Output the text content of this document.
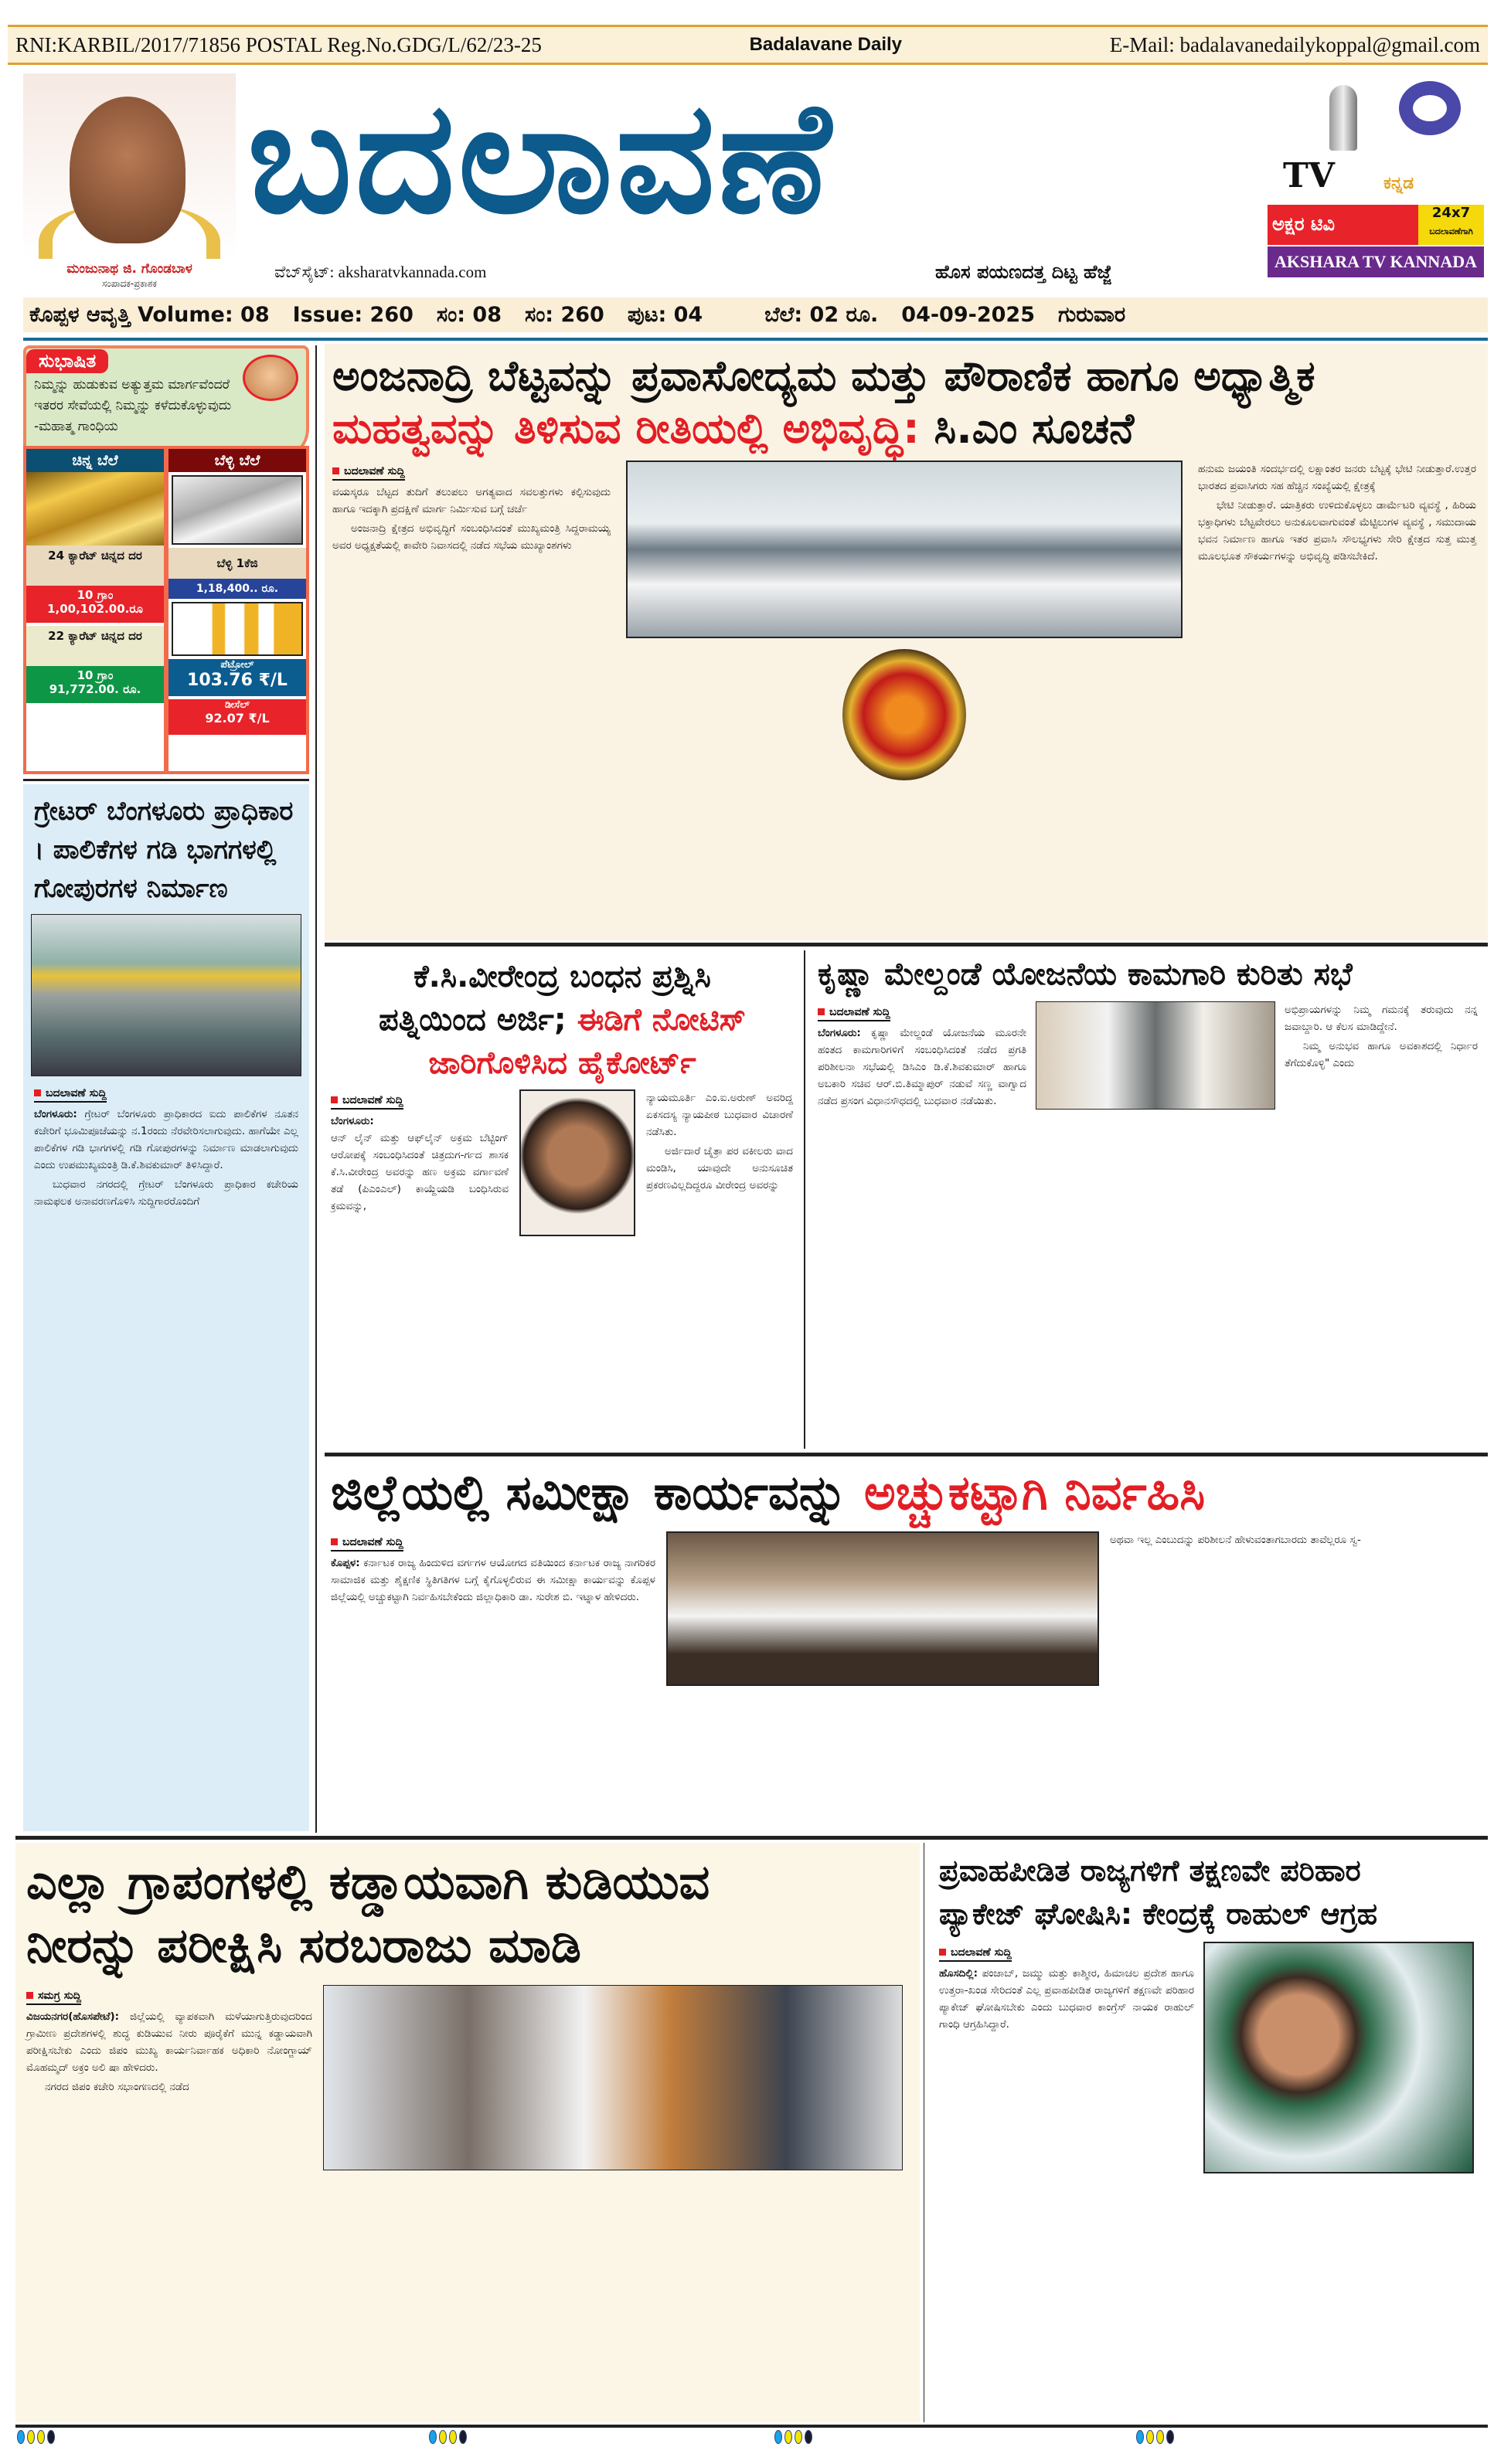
RNI:KARBIL/2017/71856 POSTAL Reg.No.GDG/L/62/23-25	Badalavane Daily	E-Mail: badalavanedailykoppal@gmail.com
ಮಂಜುನಾಥ ಜಿ. ಗೊಂಡಬಾಳ
ಸಂಪಾದಕ-ಪ್ರಕಾಶಕ
ಬದಲಾವಣೆ
ವೆಬ್‌ಸೈಟ್: aksharatvkannada.com	ಹೊಸ ಪಯಣದತ್ತ ದಿಟ್ಟ ಹೆಜ್ಜೆ
TV	ಕನ್ನಡ
ಅಕ್ಷರ ಟಿವಿ
24x7
ಬದಲಾವಣೆಗಾಗಿ
AKSHARA TV KANNADA
ಕೊಪ್ಪಳ ಆವೃತ್ತಿ Volume: 08 Issue: 260 ಸಂ: 08 ಸಂ: 260 ಪುಟ: 04	ಬೆಲೆ: 02 ರೂ. 04-09-2025 ಗುರುವಾರ
ಸುಭಾಷಿತ
ನಿಮ್ಮನ್ನು ಹುಡುಕುವ ಅತ್ಯುತ್ತಮ ಮಾರ್ಗವೆಂದರೆ ಇತರರ ಸೇವೆಯಲ್ಲಿ ನಿಮ್ಮನ್ನು ಕಳೆದುಕೊಳ್ಳುವುದು -ಮಹಾತ್ಮ ಗಾಂಧಿಯ
ಚಿನ್ನ ಬೆಲೆ
24 ಕ್ಯಾರೆಟ್ ಚಿನ್ನದ ದರ
10 ಗ್ರಾಂ
1,00,102.00.ರೂ
22 ಕ್ಯಾರೆಟ್ ಚಿನ್ನದ ದರ
10 ಗ್ರಾಂ
91,772.00. ರೂ.
ಬೆಳ್ಳಿ ಬೆಲೆ
ಬೆಳ್ಳಿ 1ಕೆಜಿ
1,18,400.. ರೂ.
ಪೆಟ್ರೋಲ್
103.76 ₹/L
ಡೀಸೆಲ್
92.07 ₹/L
ಗ್ರೇಟರ್ ಬೆಂಗಳೂರು ಪ್ರಾಧಿಕಾರ । ಪಾಲಿಕೆಗಳ ಗಡಿ ಭಾಗಗಳಲ್ಲಿ ಗೋಪುರಗಳ ನಿರ್ಮಾಣ
ಬದಲಾವಣೆ ಸುದ್ದಿ

ಬೆಂಗಳೂರು: ಗ್ರೇಟರ್ ಬೆಂಗಳೂರು ಪ್ರಾಧಿಕಾರದ ಐದು ಪಾಲಿಕೆಗಳ ನೂತನ ಕಚೇರಿಗೆ ಭೂಮಿಪೂಜೆಯನ್ನು ನ.1ರಂದು ನೆರವೇರಿಸಲಾಗುವುದು. ಹಾಗೆಯೇ ಎಲ್ಲ ಪಾಲಿಕೆಗಳ ಗಡಿ ಭಾಗಗಳಲ್ಲಿ ಗಡಿ ಗೋಪುರಗಳನ್ನು ನಿರ್ಮಾಣ ಮಾಡಲಾಗುವುದು ಎಂದು ಉಪಮುಖ್ಯಮಂತ್ರಿ ಡಿ.ಕೆ.ಶಿವಕುಮಾರ್ ತಿಳಿಸಿದ್ದಾರೆ.

ಬುಧವಾರ ನಗರದಲ್ಲಿ ಗ್ರೇಟರ್ ಬೆಂಗಳೂರು ಪ್ರಾಧಿಕಾರ ಕಚೇರಿಯ ನಾಮಫಲಕ ಅನಾವರಣಗೊಳಿಸಿ ಸುದ್ದಿಗಾರರೊಂದಿಗೆ

ಅಂಜನಾದ್ರಿ ಬೆಟ್ಟವನ್ನು ಪ್ರವಾಸೋದ್ಯಮ ಮತ್ತು ಪೌರಾಣಿಕ ಹಾಗೂ ಅಧ್ಯಾತ್ಮಿಕ
ಮಹತ್ವವನ್ನು ತಿಳಿಸುವ ರೀತಿಯಲ್ಲಿ ಅಭಿವೃದ್ಧಿ: ಸಿ.ಎಂ ಸೂಚನೆ
ಬದಲಾವಣೆ ಸುದ್ದಿ

ವಯಸ್ಕರೂ ಬೆಟ್ಟದ ತುದಿಗೆ ತಲುಪಲು ಅಗತ್ಯವಾದ ಸವಲತ್ತುಗಳು ಕಲ್ಪಿಸುವುದು ಹಾಗೂ ಇದಕ್ಕಾಗಿ ಪ್ರದಕ್ಷಿಣೆ ಮಾರ್ಗ ನಿರ್ಮಿಸುವ ಬಗ್ಗೆ ಚರ್ಚೆ

ಅಂಜನಾದ್ರಿ ಕ್ಷೇತ್ರದ ಅಭಿವೃದ್ಧಿಗೆ ಸಂಬಂಧಿಸಿದಂತೆ ಮುಖ್ಯಮಂತ್ರಿ ಸಿದ್ದರಾಮಯ್ಯ ಅವರ ಅಧ್ಯಕ್ಷತೆಯಲ್ಲಿ ಕಾವೇರಿ ನಿವಾಸದಲ್ಲಿ ನಡೆದ ಸಭೆಯ ಮುಖ್ಯಾಂಶಗಳು

ಹನುಮ ಜಯಂತಿ ಸಂದರ್ಭದಲ್ಲಿ ಲಕ್ಷಾಂತರ ಜನರು ಬೆಟ್ಟಕ್ಕೆ ಭೇಟಿ ನೀಡುತ್ತಾರೆ.ಉತ್ತರ ಭಾರತದ ಪ್ರವಾಸಿಗರು ಸಹ ಹೆಚ್ಚಿನ ಸಂಖ್ಯೆಯಲ್ಲಿ ಕ್ಷೇತ್ರಕ್ಕೆ

ಭೇಟಿ ನೀಡುತ್ತಾರೆ. ಯಾತ್ರಿಕರು ಉಳಿದುಕೊಳ್ಳಲು ಡಾರ್ಮೆಟರಿ ವ್ಯವಸ್ಥೆ , ಹಿರಿಯ ಭಕ್ತಾಧಿಗಳು ಬೆಟ್ಟವೇರಲು ಅನುಕೂಲವಾಗುವಂತೆ ಮೆಟ್ಟಿಲುಗಳ ವ್ಯವಸ್ಥೆ , ಸಮುದಾಯ ಭವನ ನಿರ್ಮಾಣ ಹಾಗೂ ಇತರ ಪ್ರವಾಸಿ ಸೌಲಭ್ಯಗಳು ಸೇರಿ ಕ್ಷೇತ್ರದ ಸುತ್ತ ಮುತ್ತ ಮೂಲಭೂತ ಸೌಕರ್ಯಗಳನ್ನು ಅಭಿವೃದ್ಧಿ ಪಡಿಸಬೇಕಿದೆ.

ಕೆ.ಸಿ.ವೀರೇಂದ್ರ ಬಂಧನ ಪ್ರಶ್ನಿಸಿ
ಪತ್ನಿಯಿಂದ ಅರ್ಜಿ; ಈಡಿಗೆ ನೋಟಿಸ್ ಜಾರಿಗೊಳಿಸಿದ ಹೈಕೋರ್ಟ್
ಬದಲಾವಣೆ ಸುದ್ದಿ

ಬೆಂಗಳೂರು:
ಆನ್ ಲೈನ್ ಮತ್ತು ಆಫ್‌ಲೈನ್ ಅಕ್ರಮ ಬೆಟ್ಟಿಂಗ್ ಆರೋಪಕ್ಕೆ ಸಂಬಂಧಿಸಿದಂತೆ ಚಿತ್ರದುಗ-ರ್ಗದ ಶಾಸಕ ಕೆ.ಸಿ.ವೀರೇಂದ್ರ ಅವರನ್ನು ಹಣ ಅಕ್ರಮ ವರ್ಗಾವಣೆ ತಡೆ (ಪಿಎಂಎಲ್) ಕಾಯ್ದೆಯಡಿ ಬಂಧಿಸಿರುವ ಕ್ರಮವನ್ನು,

ನ್ಯಾಯಮೂರ್ತಿ ಎಂ.ಐ.ಅರುಣ್ ಅವರಿದ್ದ ಏಕಸದಸ್ಯ ನ್ಯಾಯಪೀಠ ಬುಧವಾರ ವಿಚಾರಣೆ ನಡೆಸಿತು.

ಅರ್ಜಿದಾರೆ ಚೈತ್ರಾ ಪರ ವಕೀಲರು ವಾದ ಮಂಡಿಸಿ, ಯಾವುದೇ ಅನುಸೂಚಿತ ಪ್ರಕರಣವಿಲ್ಲದಿದ್ದರೂ ವೀರೇಂದ್ರ ಅವರನ್ನು

ಕೃಷ್ಣಾ ಮೇಲ್ದಂಡೆ ಯೋಜನೆಯ ಕಾಮಗಾರಿ ಕುರಿತು ಸಭೆ
ಬದಲಾವಣೆ ಸುದ್ದಿ

ಬೆಂಗಳೂರು: ಕೃಷ್ಣಾ ಮೇಲ್ದಂಡೆ ಯೋಜನೆಯ ಮೂರನೇ ಹಂತದ ಕಾಮಗಾರಿಗಳಿಗೆ ಸಂಬಂಧಿಸಿದಂತೆ ನಡೆದ ಪ್ರಗತಿ ಪರಿಶೀಲನಾ ಸಭೆಯಲ್ಲಿ ಡಿಸಿಎಂ ಡಿ.ಕೆ.ಶಿವಕುಮಾರ್ ಹಾಗೂ ಅಬಕಾರಿ ಸಚಿವ ಆರ್.ಬಿ.ತಿಮ್ಮಾಪುರ್ ನಡುವೆ ಸಣ್ಣ ವಾಗ್ವಾದ ನಡೆದ ಪ್ರಸಂಗ ವಿಧಾನಸೌಧದಲ್ಲಿ ಬುಧವಾರ ನಡೆಯಿತು.

ಅಭಿಪ್ರಾಯಗಳನ್ನು ನಿಮ್ಮ ಗಮನಕ್ಕೆ ತರುವುದು ನನ್ನ ಜವಾಬ್ದಾರಿ. ಆ ಕೆಲಸ ಮಾಡಿದ್ದೇನೆ.

ನಿಮ್ಮ ಅನುಭವ ಹಾಗೂ ಅವಕಾಶದಲ್ಲಿ ನಿರ್ಧಾರ ತೆಗೆದುಕೊಳ್ಳಿ" ಎಂದು

ಜಿಲ್ಲೆಯಲ್ಲಿ ಸಮೀಕ್ಷಾ ಕಾರ್ಯವನ್ನು ಅಚ್ಚುಕಟ್ಟಾಗಿ ನಿರ್ವಹಿಸಿ
ಬದಲಾವಣೆ ಸುದ್ದಿ

ಕೊಪ್ಪಳ: ಕರ್ನಾಟಕ ರಾಜ್ಯ ಹಿಂದುಳಿದ ವರ್ಗಗಳ ಆಯೋಗದ ವತಿಯಿಂದ ಕರ್ನಾಟಕ ರಾಜ್ಯ ನಾಗರಿಕರ ಸಾಮಾಜಿಕ ಮತ್ತು ಶೈಕ್ಷಣಿಕ ಸ್ಥಿತಿಗತಿಗಳ ಬಗ್ಗೆ ಕೈಗೊಳ್ಳಲಿರುವ ಈ ಸಮೀಕ್ಷಾ ಕಾರ್ಯವನ್ನು ಕೊಪ್ಪಳ ಜಿಲ್ಲೆಯಲ್ಲಿ ಅಚ್ಚುಕಟ್ಟಾಗಿ ನಿರ್ವಹಿಸಬೇಕೆಂದು ಜಿಲ್ಲಾಧಿಕಾರಿ ಡಾ. ಸುರೇಶ ಬಿ. ಇಟ್ನಾಳ ಹೇಳಿದರು.

ಅಥವಾ ಇಲ್ಲ ಎಂಬುದನ್ನು ಪರಿಶೀಲನೆ ಹೇಳುವಂತಾಗಬಾರದು ತಾವೆಲ್ಲರೂ ಸ್ವ-

ಎಲ್ಲಾ ಗ್ರಾಪಂಗಳಲ್ಲಿ ಕಡ್ಡಾಯವಾಗಿ ಕುಡಿಯುವ
ನೀರನ್ನು ಪರೀಕ್ಷಿಸಿ ಸರಬರಾಜು ಮಾಡಿ
ಸಮಗ್ರ ಸುದ್ದಿ

ವಿಜಯನಗರ(ಹೊಸಪೇಟೆ): ಜಿಲ್ಲೆಯಲ್ಲಿ ವ್ಯಾಪಕವಾಗಿ ಮಳೆಯಾಗುತ್ತಿರುವುದರಿಂದ ಗ್ರಾಮೀಣ ಪ್ರದೇಶಗಳಲ್ಲಿ ಶುದ್ಧ ಕುಡಿಯುವ ನೀರು ಪೂರೈಕೆಗೆ ಮುನ್ನ ಕಡ್ಡಾಯವಾಗಿ ಪರೀಕ್ಷಿಸಬೇಕು ಎಂದು ಜಿಪಂ ಮುಖ್ಯ ಕಾರ್ಯನಿರ್ವಾಹಕ ಅಧಿಕಾರಿ ನೋಂಗ್ಜಾಯ್ ಮೊಹಮ್ಮದ್ ಅಕ್ರಂ ಅಲಿ ಷಾ ಹೇಳಿದರು.

ನಗರದ ಜಿಪಂ ಕಚೇರಿ ಸಭಾಂಗಣದಲ್ಲಿ ನಡೆದ

ಪ್ರವಾಹಪೀಡಿತ ರಾಜ್ಯಗಳಿಗೆ ತಕ್ಷಣವೇ ಪರಿಹಾರ
ಪ್ಯಾಕೇಜ್ ಘೋಷಿಸಿ: ಕೇಂದ್ರಕ್ಕೆ ರಾಹುಲ್ ಆಗ್ರಹ
ಬದಲಾವಣೆ ಸುದ್ದಿ

ಹೊಸದಿಲ್ಲಿ: ಪಂಜಾಬ್, ಜಮ್ಮು ಮತ್ತು ಕಾಶ್ಮೀರ, ಹಿಮಾಚಲ ಪ್ರದೇಶ ಹಾಗೂ ಉತ್ತರಾ-ಖಂಡ ಸೇರಿದಂತೆ ಎಲ್ಲ ಪ್ರವಾಹಪೀಡಿತ ರಾಜ್ಯಗಳಿಗೆ ತಕ್ಷಣವೇ ಪರಿಹಾರ ಪ್ಯಾಕೇಜ್ ಘೋಷಿಸಬೇಕು ಎಂದು ಬುಧವಾರ ಕಾಂಗ್ರೆಸ್ ನಾಯಕ ರಾಹುಲ್ ಗಾಂಧಿ ಆಗ್ರಹಿಸಿದ್ದಾರೆ.
